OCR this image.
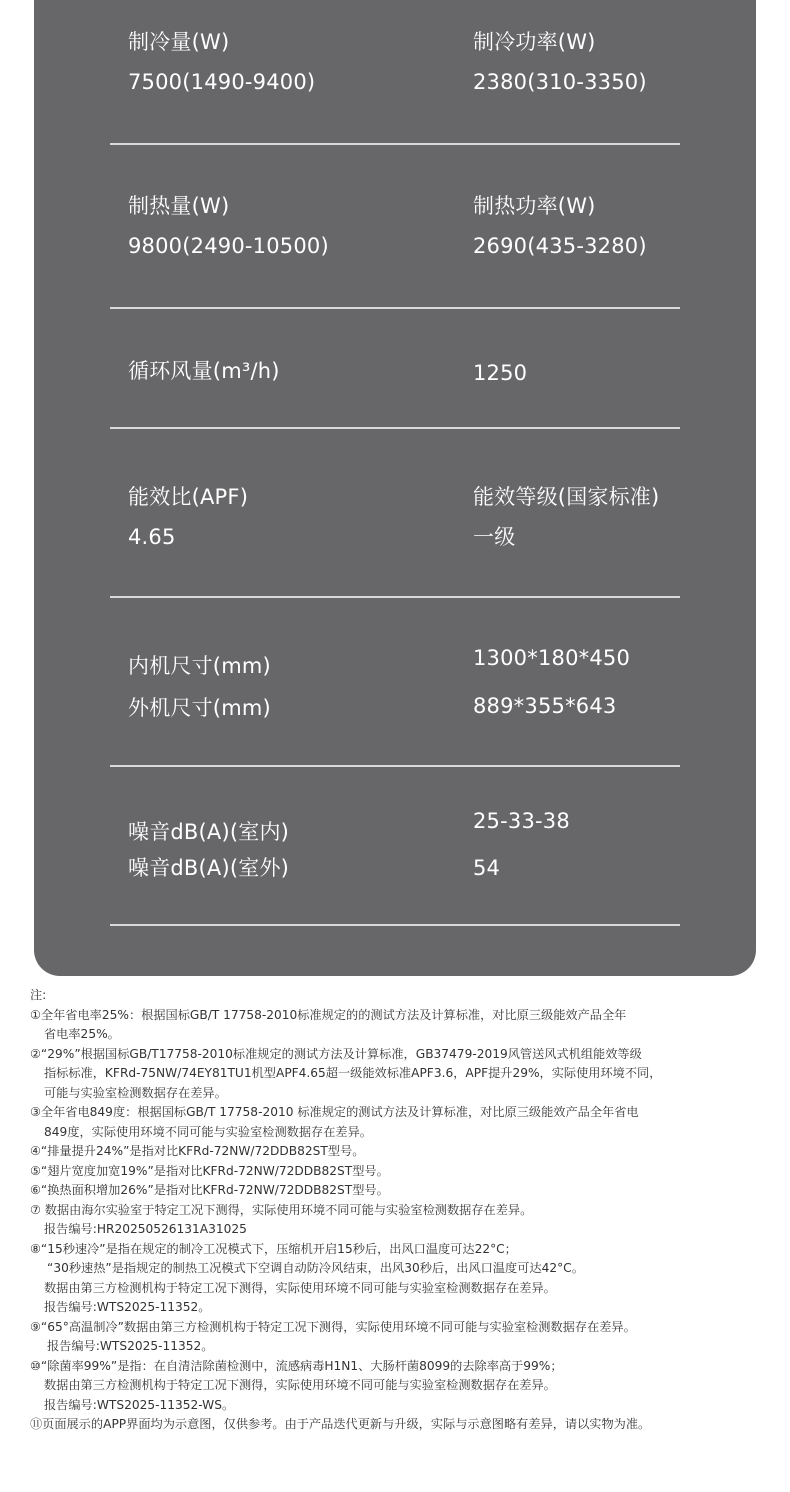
制冷量(W)
7500(1490-9400)
制冷功率(W)
2380(310-3350)
制热量(W)
9800(2490-10500)
制热功率(W)
2690(435-3280)
循环风量(m³/h)	1250
能效比(APF)
4.65
能效等级(国家标准)
一级
内机尺寸(mm)
外机尺寸(mm)
1300*180*450
889*355*643
噪音dB(A)(室内)
噪音dB(A)(室外)
25-33-38
54
注:
①全年省电率25%：根据国标GB/T 17758-2010标准规定的的测试方法及计算标准，对比原三级能效产品全年
省电率25%。
②“29%”根据国标GB/T17758-2010标准规定的测试方法及计算标准，GB37479-2019风管送风式机组能效等级
指标标准，KFRd-75NW/74EY81TU1机型APF4.65超一级能效标准APF3.6，APF提升29%，实际使用环境不同，
可能与实验室检测数据存在差异。
③全年省电849度：根据国标GB/T 17758-2010 标准规定的测试方法及计算标准，对比原三级能效产品全年省电
849度，实际使用环境不同可能与实验室检测数据存在差异。
④“排量提升24%”是指对比KFRd-72NW/72DDB82ST型号。
⑤“翅片宽度加宽19%”是指对比KFRd-72NW/72DDB82ST型号。
⑥“换热面积增加26%”是指对比KFRd-72NW/72DDB82ST型号。
⑦ 数据由海尔实验室于特定工况下测得，实际使用环境不同可能与实验室检测数据存在差异。
报告编号:HR20250526131A31025
⑧“15秒速冷”是指在规定的制冷工况模式下，压缩机开启15秒后，出风口温度可达22°C；
“30秒速热”是指规定的制热工况模式下空调自动防冷风结束，出风30秒后，出风口温度可达42°C。
数据由第三方检测机构于特定工况下测得，实际使用环境不同可能与实验室检测数据存在差异。
报告编号:WTS2025-11352。
⑨“65°高温制冷”数据由第三方检测机构于特定工况下测得，实际使用环境不同可能与实验室检测数据存在差异。
报告编号:WTS2025-11352。
⑩“除菌率99%”是指：在自清洁除菌检测中，流感病毒H1N1、大肠杆菌8099的去除率高于99%；
数据由第三方检测机构于特定工况下测得，实际使用环境不同可能与实验室检测数据存在差异。
报告编号:WTS2025-11352-WS。
⑪页面展示的APP界面均为示意图，仅供参考。由于产品迭代更新与升级，实际与示意图略有差异，请以实物为准。
